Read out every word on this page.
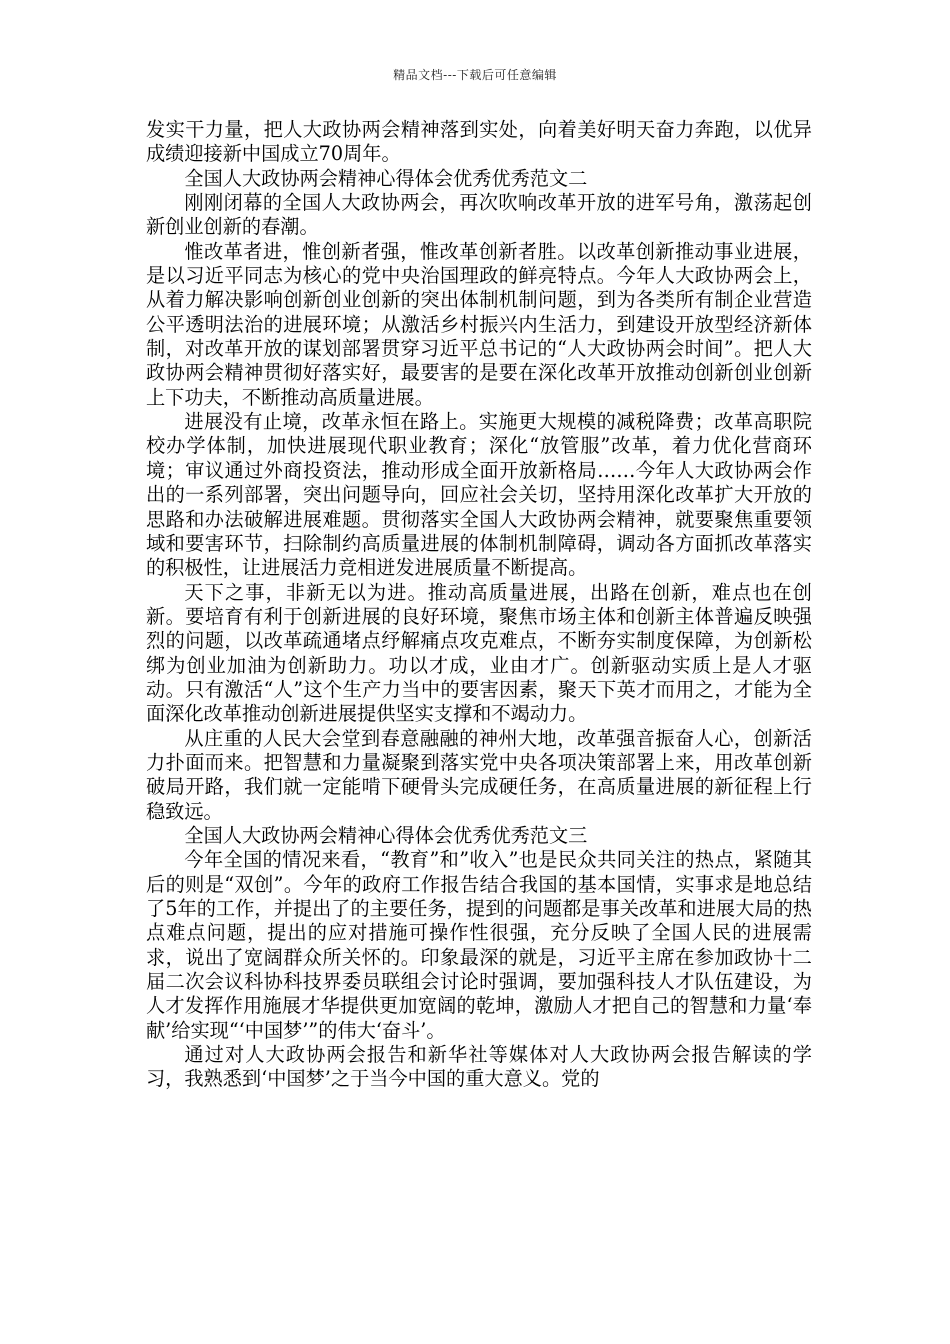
精品文档---下载后可任意编辑

发实干力量，把人大政协两会精神落到实处，向着美好明天奋力奔跑，以优异成绩迎接新中国成立70周年。

全国人大政协两会精神心得体会优秀优秀范文二

刚刚闭幕的全国人大政协两会，再次吹响改革开放的进军号角，激荡起创新创业创新的春潮。

惟改革者进，惟创新者强，惟改革创新者胜。以改革创新推动事业进展，是以习近平同志为核心的党中央治国理政的鲜亮特点。今年人大政协两会上，从着力解决影响创新创业创新的突出体制机制问题，到为各类所有制企业营造公平透明法治的进展环境；从激活乡村振兴内生活力，到建设开放型经济新体制，对改革开放的谋划部署贯穿习近平总书记的“人大政协两会时间”。把人大政协两会精神贯彻好落实好，最要害的是要在深化改革开放推动创新创业创新上下功夫，不断推动高质量进展。

进展没有止境，改革永恒在路上。实施更大规模的减税降费；改革高职院校办学体制，加快进展现代职业教育；深化“放管服”改革，着力优化营商环境；审议通过外商投资法，推动形成全面开放新格局……今年人大政协两会作出的一系列部署，突出问题导向，回应社会关切，坚持用深化改革扩大开放的思路和办法破解进展难题。贯彻落实全国人大政协两会精神，就要聚焦重要领域和要害环节，扫除制约高质量进展的体制机制障碍，调动各方面抓改革落实的积极性，让进展活力竞相迸发进展质量不断提高。

天下之事，非新无以为进。推动高质量进展，出路在创新，难点也在创新。要培育有利于创新进展的良好环境，聚焦市场主体和创新主体普遍反映强烈的问题，以改革疏通堵点纾解痛点攻克难点，不断夯实制度保障，为创新松绑为创业加油为创新助力。功以才成，业由才广。创新驱动实质上是人才驱动。只有激活“人”这个生产力当中的要害因素，聚天下英才而用之，才能为全面深化改革推动创新进展提供坚实支撑和不竭动力。

从庄重的人民大会堂到春意融融的神州大地，改革强音振奋人心，创新活力扑面而来。把智慧和力量凝聚到落实党中央各项决策部署上来，用改革创新破局开路，我们就一定能啃下硬骨头完成硬任务，在高质量进展的新征程上行稳致远。

全国人大政协两会精神心得体会优秀优秀范文三

今年全国的情况来看，“教育”和”收入”也是民众共同关注的热点，紧随其后的则是“双创”。今年的政府工作报告结合我国的基本国情，实事求是地总结了5年的工作，并提出了的主要任务，提到的问题都是事关改革和进展大局的热点难点问题，提出的应对措施可操作性很强，充分反映了全国人民的进展需求，说出了宽阔群众所关怀的。印象最深的就是，习近平主席在参加政协十二届二次会议科协科技界委员联组会讨论时强调，要加强科技人才队伍建设，为人才发挥作用施展才华提供更加宽阔的乾坤，激励人才把自己的智慧和力量‘奉献’给实现“‘中国梦’”的伟大‘奋斗’。

通过对人大政协两会报告和新华社等媒体对人大政协两会报告解读的学习，我熟悉到‘中国梦’之于当今中国的重大意义。党的
